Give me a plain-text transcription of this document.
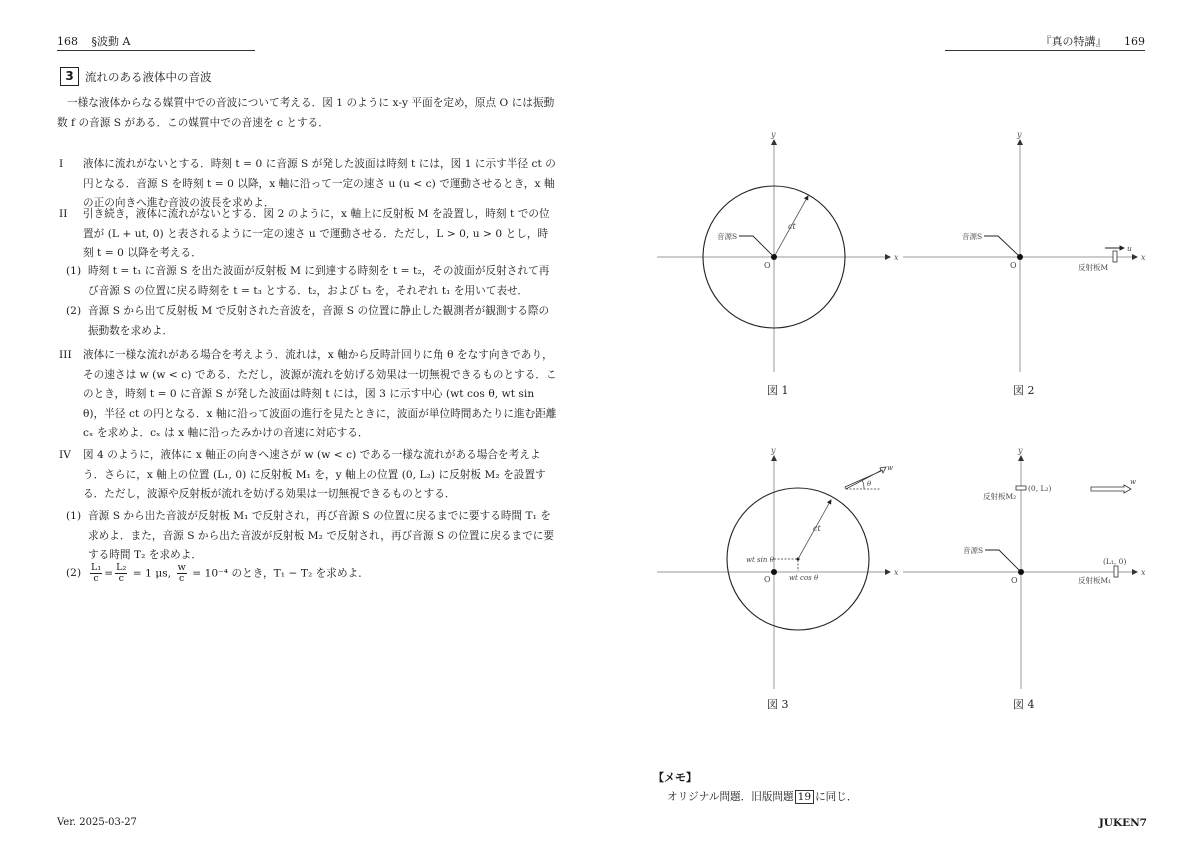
168 §波動 A	『真の特講』 169
3 流れのある液体中の音波
一様な液体からなる媒質中での音波について考える．図 1 のように x-y 平面を定め，原点 O には振動数 f の音源 S がある．この媒質中での音速を c とする．
I	液体に流れがないとする．時刻 t = 0 に音源 S が発した波面は時刻 t には，図 1 に示す半径 ct の円となる．音源 S を時刻 t = 0 以降，x 軸に沿って一定の速さ u (u < c) で運動させるとき，x 軸の正の向きへ進む音波の波長を求めよ．
II	引き続き，液体に流れがないとする．図 2 のように，x 軸上に反射板 M を設置し，時刻 t での位置が (L + ut, 0) と表されるように一定の速さ u で運動させる．ただし，L > 0, u > 0 とし，時刻 t = 0 以降を考える．
(1) 時刻 t = t₁ に音源 S を出た波面が反射板 M に到達する時刻を t = t₂，その波面が反射されて再び音源 S の位置に戻る時刻を t = t₃ とする．t₂，および t₃ を，それぞれ t₁ を用いて表せ．
(2) 音源 S から出て反射板 M で反射された音波を，音源 S の位置に静止した観測者が観測する際の振動数を求めよ．
III	液体に一様な流れがある場合を考えよう．流れは，x 軸から反時計回りに角 θ をなす向きであり，その速さは w (w < c) である．ただし，波源が流れを妨げる効果は一切無視できるものとする．このとき，時刻 t = 0 に音源 S が発した波面は時刻 t には，図 3 に示す中心 (wt cos θ, wt sin θ)，半径 ct の円となる．x 軸に沿って波面の進行を見たときに，波面が単位時間あたりに進む距離 cₓ を求めよ．cₓ は x 軸に沿ったみかけの音速に対応する．
IV	図 4 のように，液体に x 軸正の向きへ速さが w (w < c) である一様な流れがある場合を考えよう．さらに，x 軸上の位置 (L₁, 0) に反射板 M₁ を，y 軸上の位置 (0, L₂) に反射板 M₂ を設置する．ただし，波源や反射板が流れを妨げる効果は一切無視できるものとする．
(1) 音源 S から出た音波が反射板 M₁ で反射され，再び音源 S の位置に戻るまでに要する時間 T₁ を求めよ．また，音源 S から出た音波が反射板 M₂ で反射され，再び音源 S の位置に戻るまでに要する時間 T₂ を求めよ．
$(2) \frac{\text{L₁}}{c} = \frac{\text{L₂}}{c} = 1$ μs, $\frac{w}{c} = 10^{-4}$ のとき，T₁ − T₂ を求めよ．
x
y
ct
音源S
O
図 1
x
y
音源S
O
u
反射板M
図 2
x
y
ct
wt sin θ
wt cos θ
O
w
θ
図 3
x
y
音源S
O
(0, L₂)
反射板M₂
(L₁, 0)
反射板M₁
w
図 4
【メモ】
オリジナル問題．旧版問題 19 に同じ．
Ver. 2025-03-27	JUKEN7
